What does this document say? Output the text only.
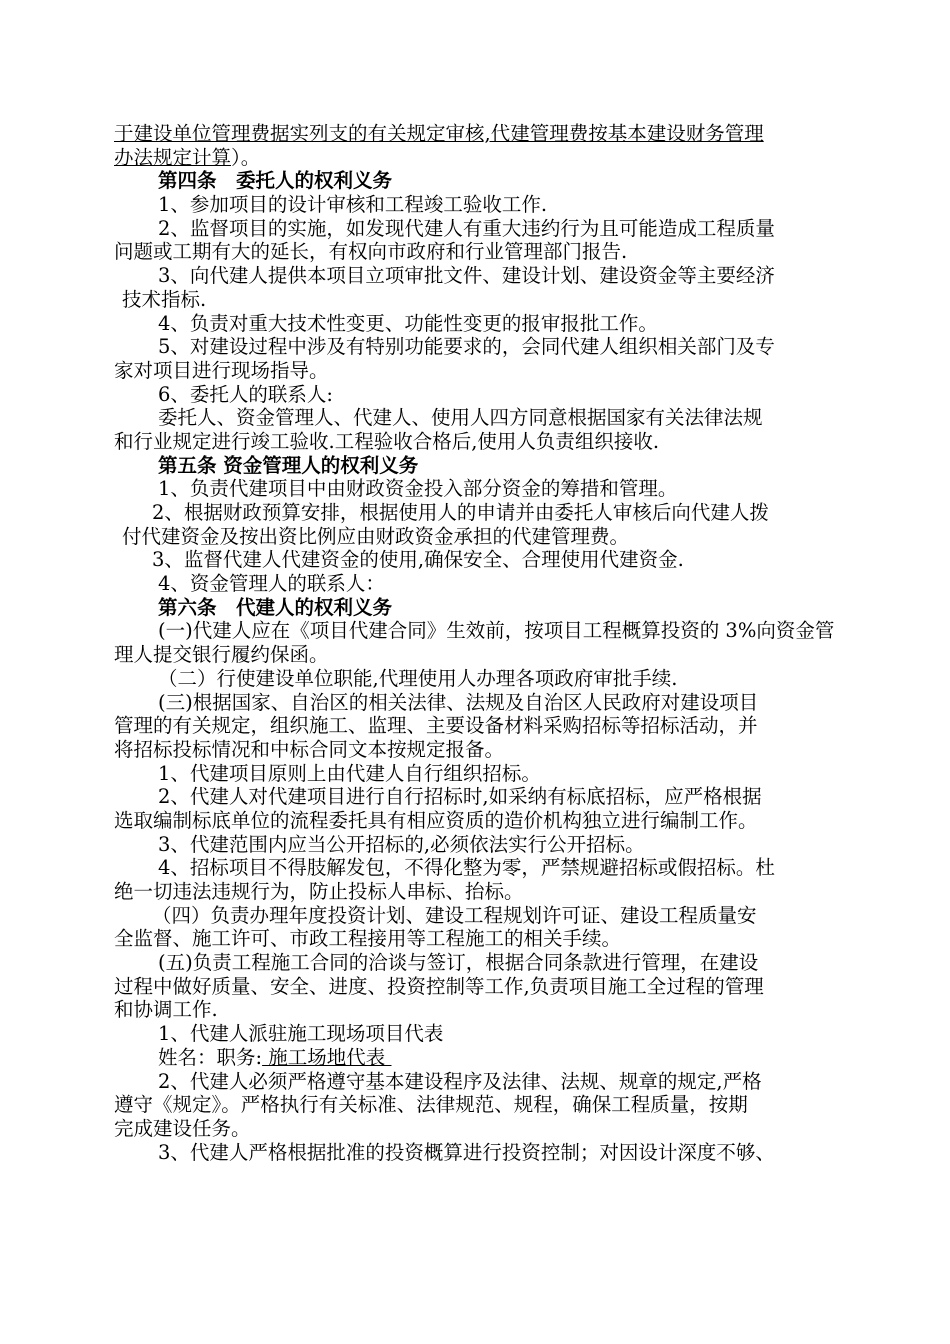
于建设单位管理费据实列支的有关规定审核,代建管理费按基本建设财务管理
办法规定计算）。
第四条　委托人的权利义务
1、参加项目的设计审核和工程竣工验收工作.
2、监督项目的实施，如发现代建人有重大违约行为且可能造成工程质量
问题或工期有大的延长，有权向市政府和行业管理部门报告.
3、向代建人提供本项目立项审批文件、建设计划、建设资金等主要经济
技术指标.
4、负责对重大技术性变更、功能性变更的报审报批工作。
5、对建设过程中涉及有特别功能要求的，会同代建人组织相关部门及专
家对项目进行现场指导。
6、委托人的联系人:
委托人、资金管理人、代建人、使用人四方同意根据国家有关法律法规
和行业规定进行竣工验收.工程验收合格后,使用人负责组织接收.
第五条 资金管理人的权利义务
1、负责代建项目中由财政资金投入部分资金的筹措和管理。
2、根据财政预算安排，根据使用人的申请并由委托人审核后向代建人拨
付代建资金及按出资比例应由财政资金承担的代建管理费。
3、监督代建人代建资金的使用,确保安全、合理使用代建资金.
4、资金管理人的联系人：
第六条　代建人的权利义务
(一)代建人应在《项目代建合同》生效前，按项目工程概算投资的 3%向资金管
理人提交银行履约保函。
（二）行使建设单位职能,代理使用人办理各项政府审批手续.
(三)根据国家、自治区的相关法律、法规及自治区人民政府对建设项目
管理的有关规定，组织施工、监理、主要设备材料采购招标等招标活动，并
将招标投标情况和中标合同文本按规定报备。
1、代建项目原则上由代建人自行组织招标。
2、代建人对代建项目进行自行招标时,如采纳有标底招标，应严格根据
选取编制标底单位的流程委托具有相应资质的造价机构独立进行编制工作。
3、代建范围内应当公开招标的,必须依法实行公开招标。
4、招标项目不得肢解发包，不得化整为零，严禁规避招标或假招标。杜
绝一切违法违规行为，防止投标人串标、抬标。
（四）负责办理年度投资计划、建设工程规划许可证、建设工程质量安
全监督、施工许可、市政工程接用等工程施工的相关手续。
(五)负责工程施工合同的洽谈与签订，根据合同条款进行管理，在建设
过程中做好质量、安全、进度、投资控制等工作,负责项目施工全过程的管理
和协调工作.
1、代建人派驻施工现场项目代表
姓名：职务: 施工场地代表
2、代建人必须严格遵守基本建设程序及法律、法规、规章的规定,严格
遵守《规定》。严格执行有关标准、法律规范、规程，确保工程质量，按期
完成建设任务。
3、代建人严格根据批准的投资概算进行投资控制；对因设计深度不够、
